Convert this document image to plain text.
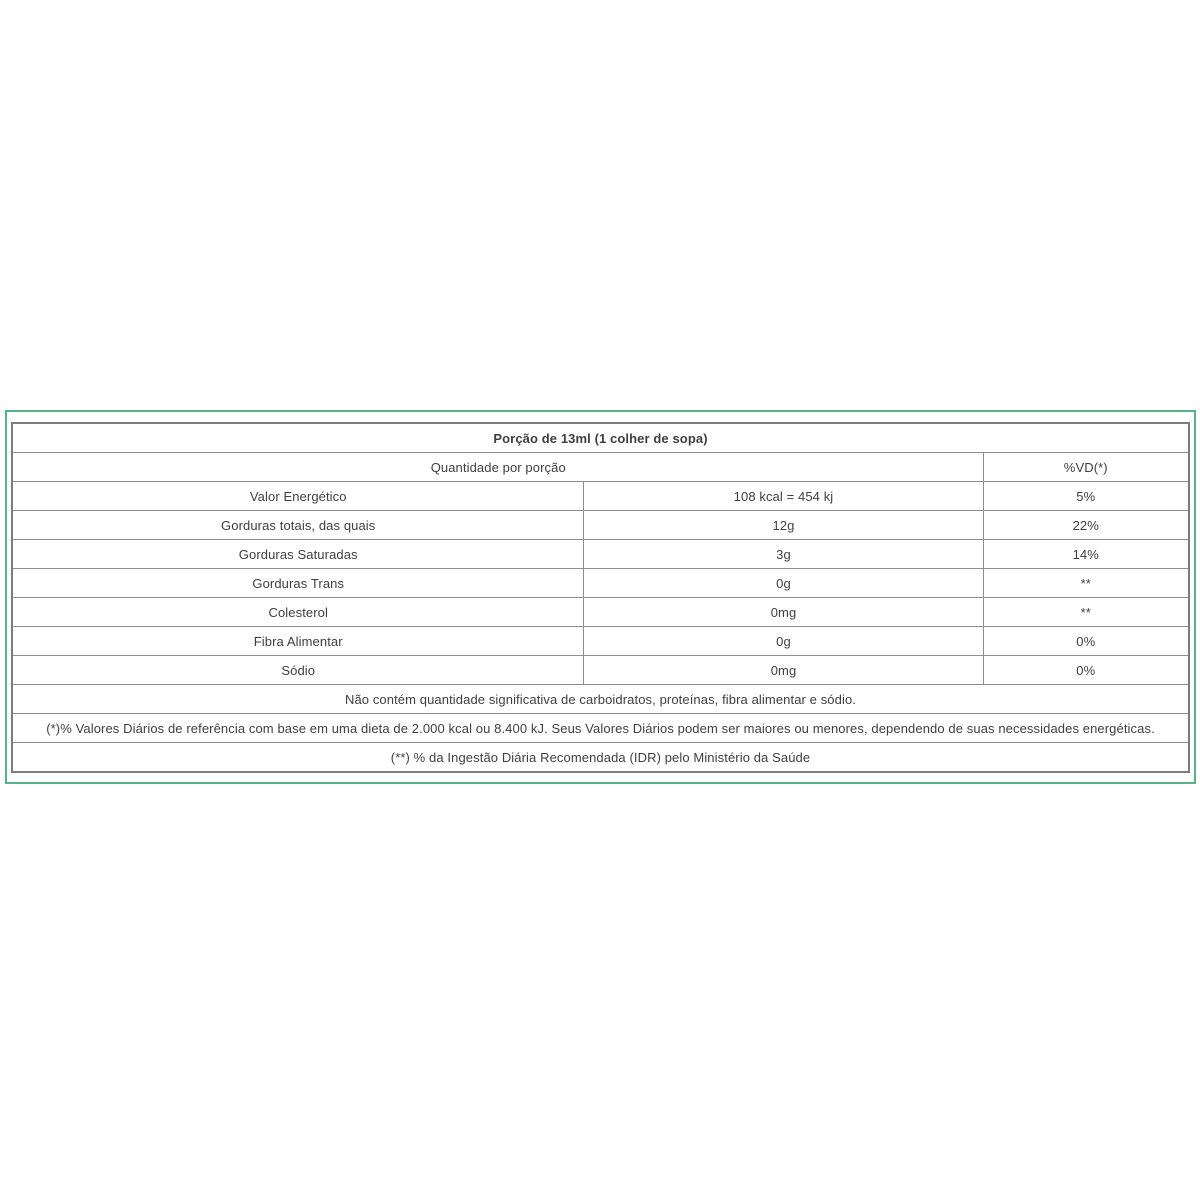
Porção de 13ml (1 colher de sopa)		
Quantidade por porção		%VD(*)
Valor Energético	108 kcal = 454 kj	5%
Gorduras totais, das quais	12g	22%
Gorduras Saturadas	3g	14%
Gorduras Trans	0g	**
Colesterol	0mg	**
Fibra Alimentar	0g	0%
Sódio	0mg	0%
Não contém quantidade significativa de carboidratos, proteínas, fibra alimentar e sódio.		
(*)% Valores Diários de referência com base em uma dieta de 2.000 kcal ou 8.400 kJ. Seus Valores Diários podem ser maiores ou menores, dependendo de suas necessidades energéticas.		
(**) % da Ingestão Diária Recomendada (IDR) pelo Ministério da Saúde		
